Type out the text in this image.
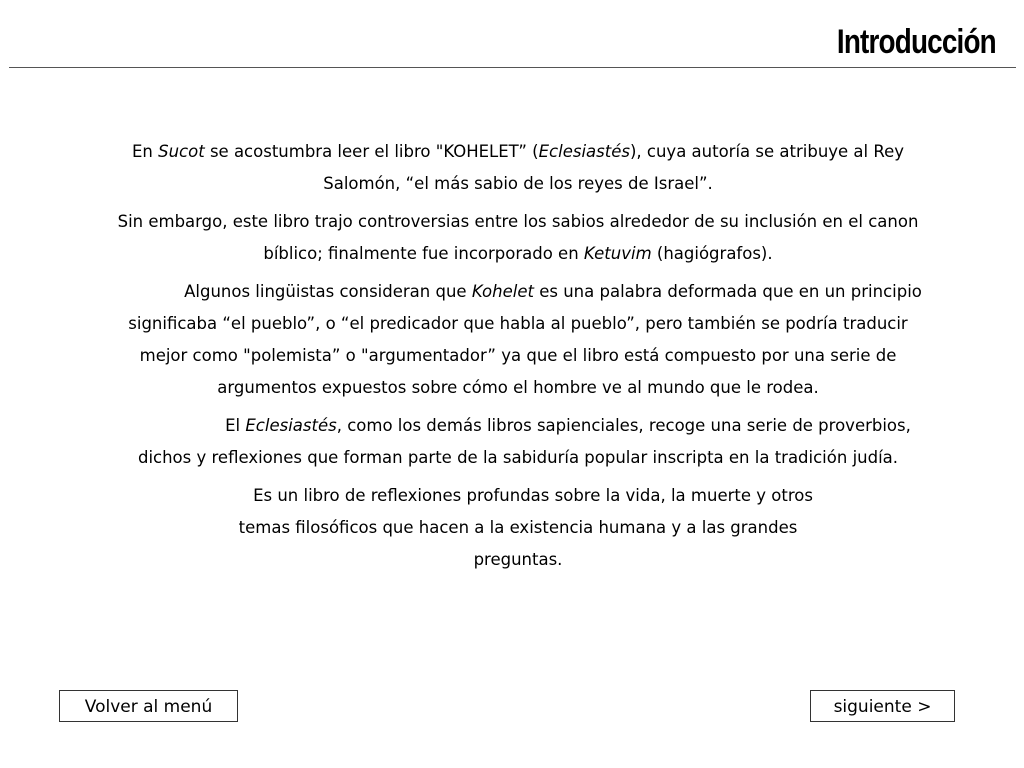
Introducción

En Sucot se acostumbra leer el libro "KOHELET” (Eclesiastés), cuya autoría se atribuye al Rey Salomón, “el más sabio de los reyes de Israel”.

Sin embargo, este libro trajo controversias entre los sabios alrededor de su inclusión en el canon bíblico; finalmente fue incorporado en Ketuvim (hagiógrafos).

Algunos lingüistas consideran que Kohelet es una palabra deformada que en un principio significaba “el pueblo”, o “el predicador que habla al pueblo”, pero también se podría traducir mejor como "polemista” o "argumentador” ya que el libro está compuesto por una serie de argumentos expuestos sobre cómo el hombre ve al mundo que le rodea.

El Eclesiastés, como los demás libros sapienciales, recoge una serie de proverbios, dichos y reflexiones que forman parte de la sabiduría popular inscripta en la tradición judía.

Es un libro de reflexiones profundas sobre la vida, la muerte y otros temas filosóficos que hacen a la existencia humana y a las grandes preguntas.

Volver al menú	siguiente >
